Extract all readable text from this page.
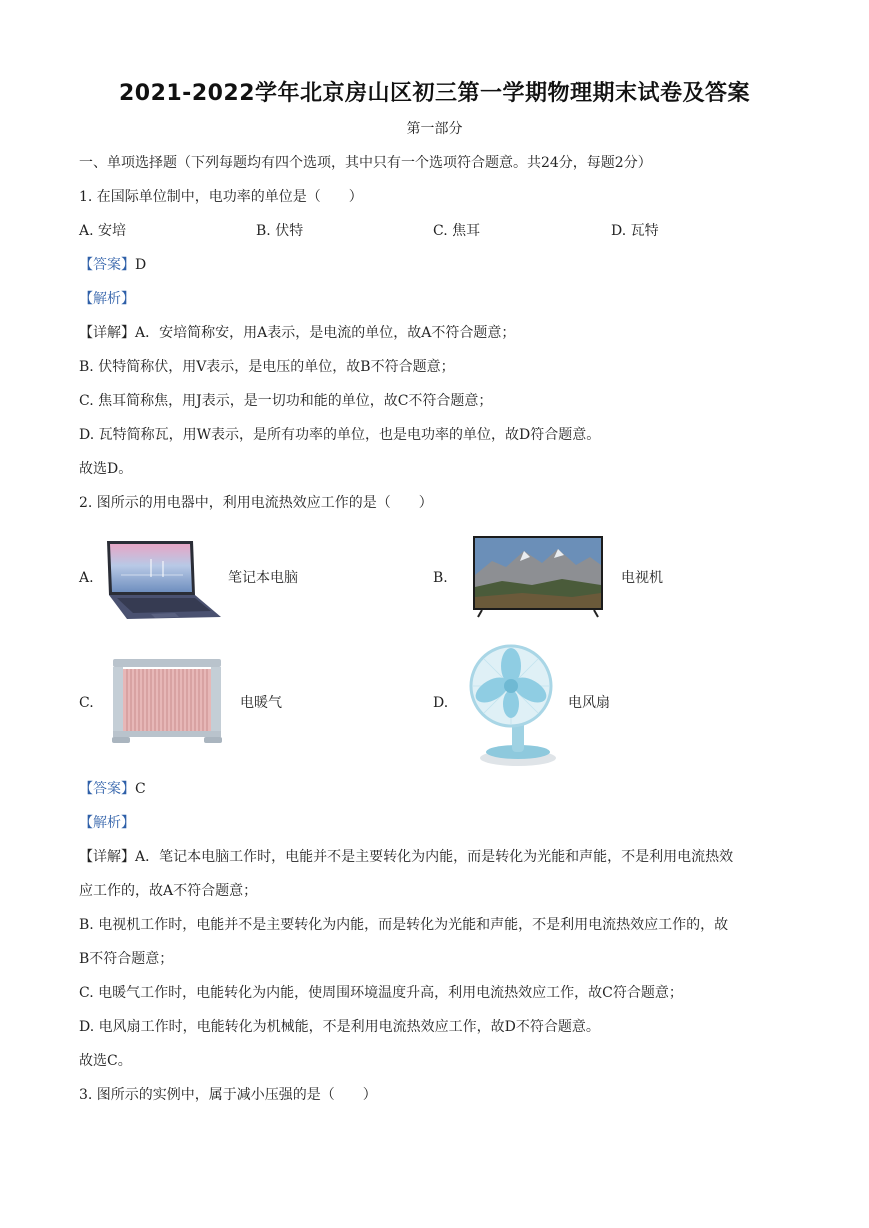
2021-2022学年北京房山区初三第一学期物理期末试卷及答案
第一部分
一、单项选择题（下列每题均有四个选项，其中只有一个选项符合题意。共24分，每题2分）
1. 在国际单位制中，电功率的单位是（　　）
A. 安培	B. 伏特	C. 焦耳	D. 瓦特
【答案】D
【解析】
【详解】A．安培简称安，用A表示，是电流的单位，故A不符合题意；
B. 伏特简称伏，用V表示，是电压的单位，故B不符合题意；
C. 焦耳简称焦，用J表示，是一切功和能的单位，故C不符合题意；
D. 瓦特简称瓦，用W表示，是所有功率的单位，也是电功率的单位，故D符合题意。
故选D。
2. 图所示的用电器中，利用电流热效应工作的是（　　）
A.	笔记本电脑	B.	电视机
C.	电暖气	D.	电风扇
【答案】C
【解析】
【详解】A．笔记本电脑工作时，电能并不是主要转化为内能，而是转化为光能和声能，不是利用电流热效
应工作的，故A不符合题意；
B. 电视机工作时，电能并不是主要转化为内能，而是转化为光能和声能，不是利用电流热效应工作的，故
B不符合题意；
C. 电暖气工作时，电能转化为内能，使周围环境温度升高，利用电流热效应工作，故C符合题意；
D. 电风扇工作时，电能转化为机械能，不是利用电流热效应工作，故D不符合题意。
故选C。
3. 图所示的实例中，属于减小压强的是（　　）
